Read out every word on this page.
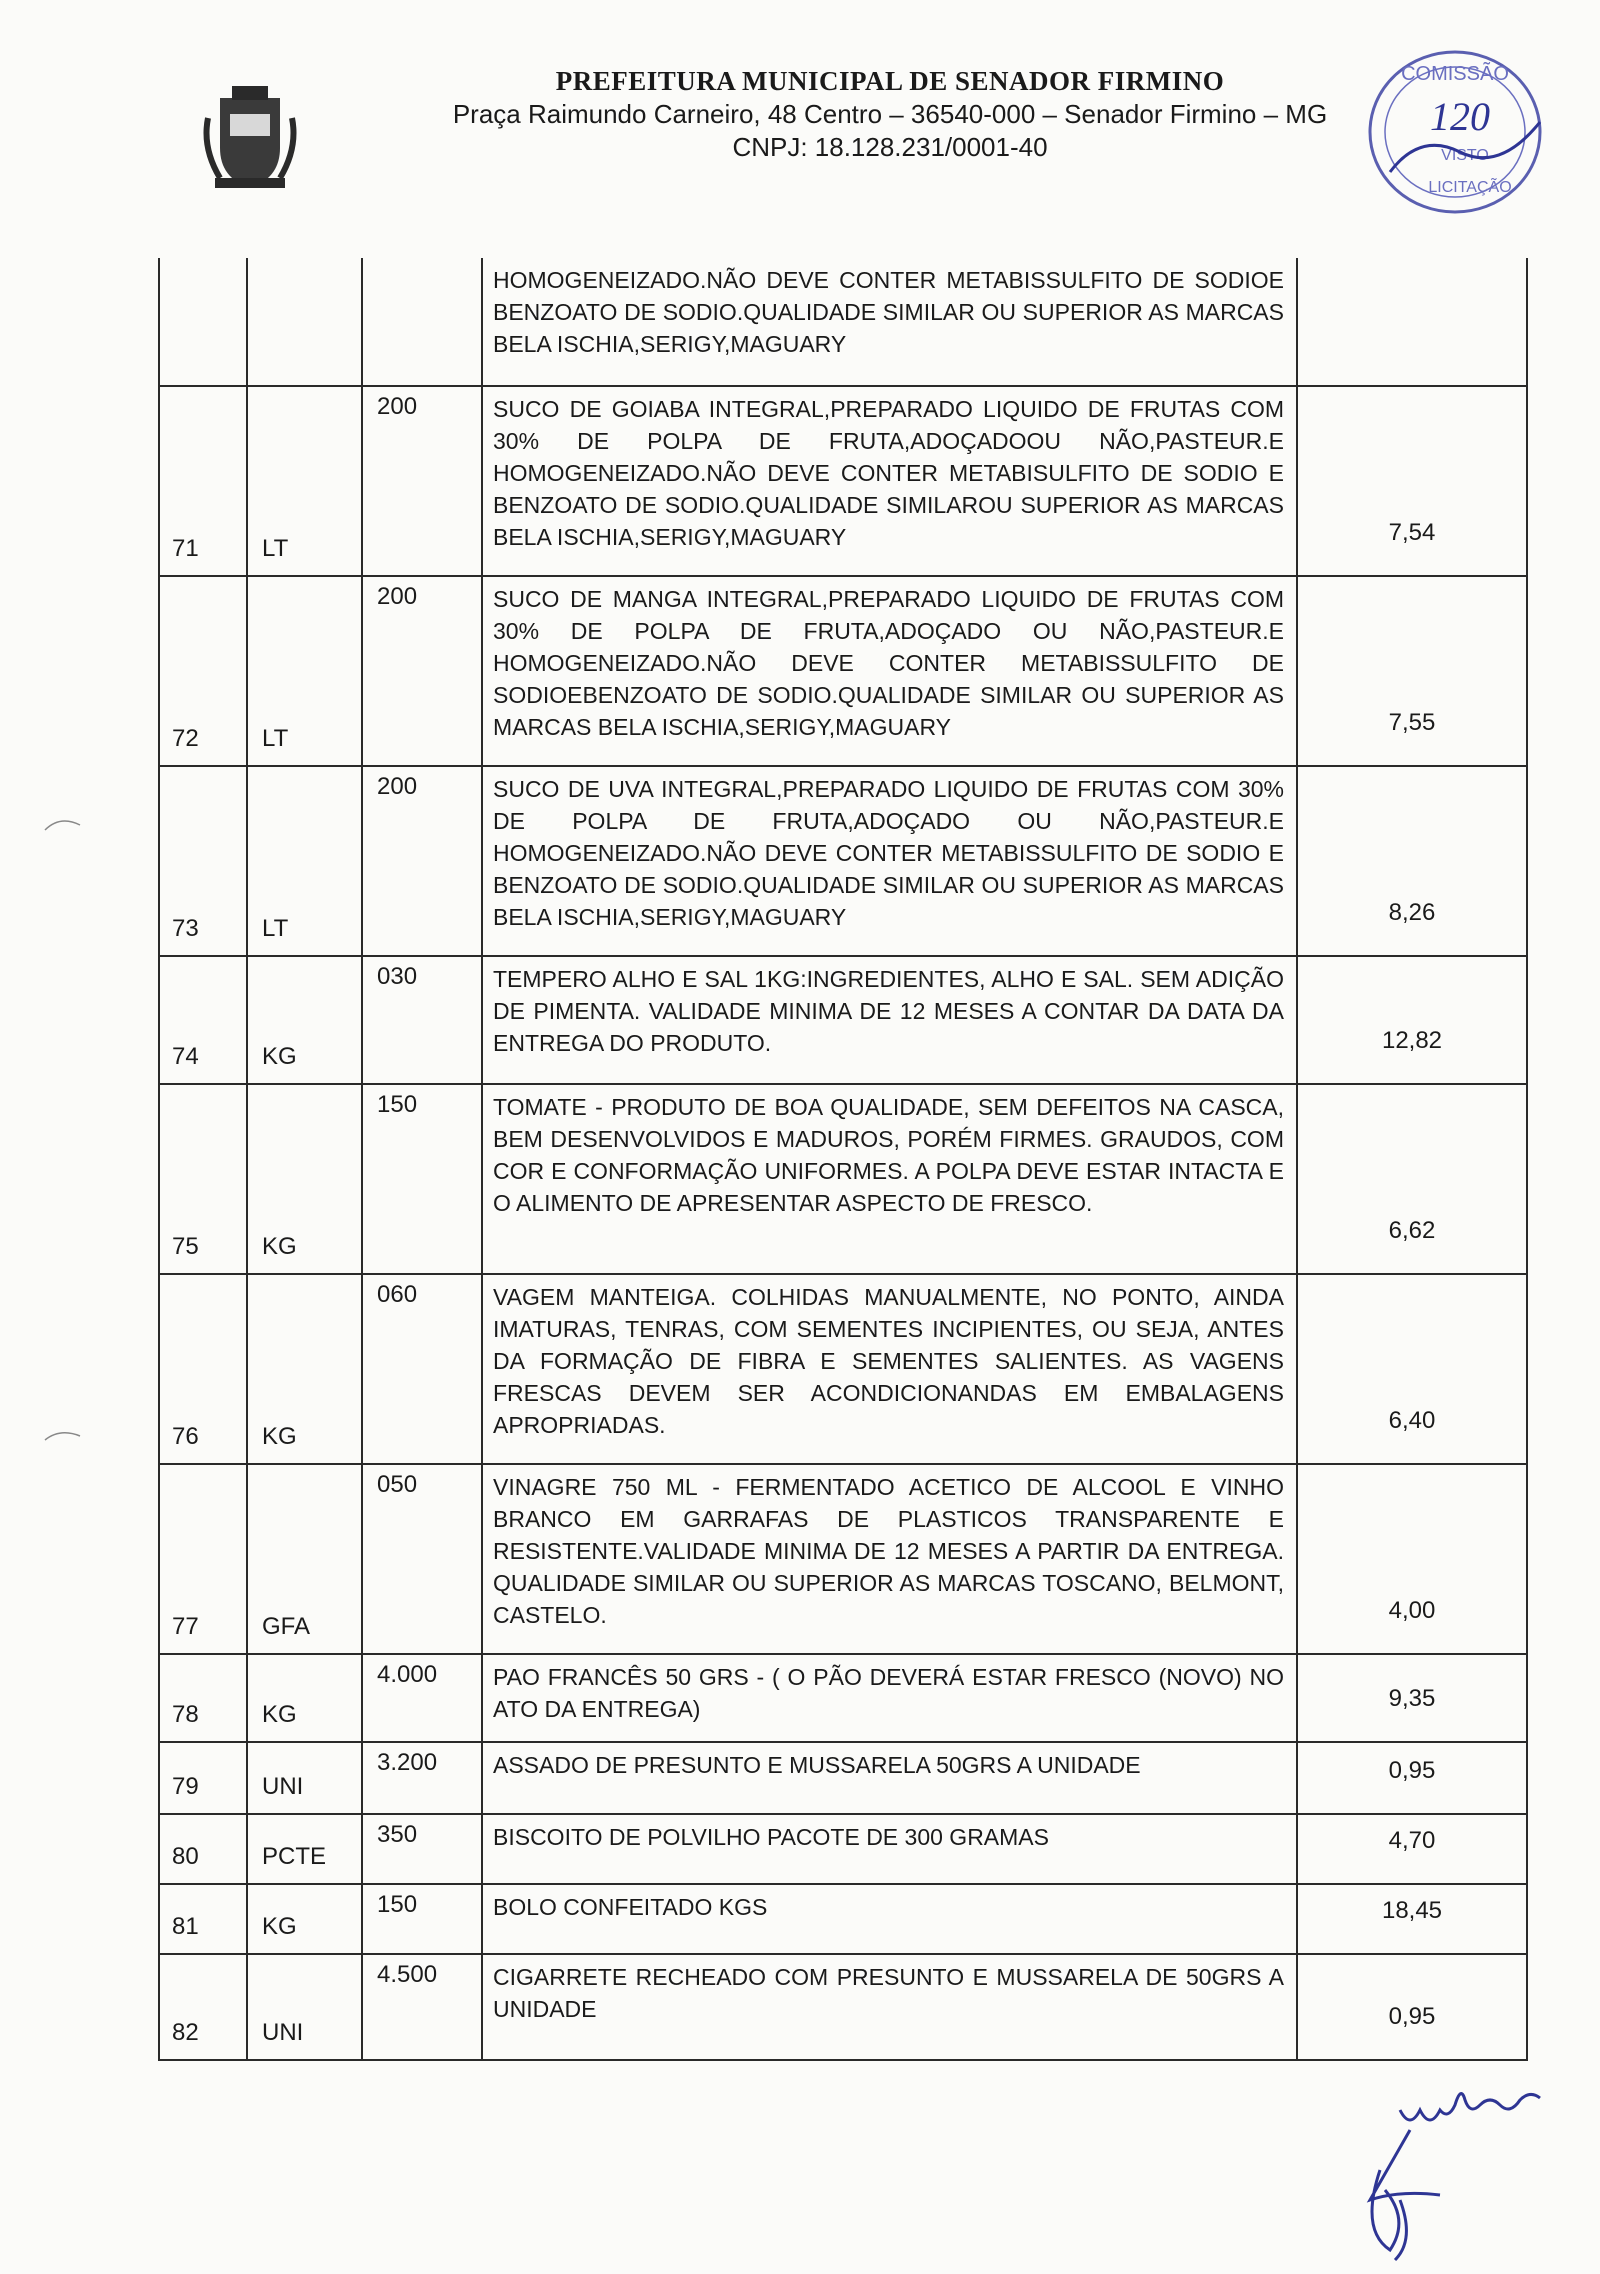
PREFEITURA MUNICIPAL DE SENADOR FIRMINO
Praça Raimundo Carneiro, 48 Centro – 36540-000 – Senador Firmino – MG
CNPJ: 18.128.231/0001-40
COMISSÃO
120
VISTO
LICITAÇÃO
			HOMOGENEIZADO.NÃO DEVE CONTER METABISSULFITO DE SODIOE BENZOATO DE SODIO.QUALIDADE SIMILAR OU SUPERIOR AS MARCAS BELA ISCHIA,SERIGY,MAGUARY	
71	LT	200	SUCO DE GOIABA INTEGRAL,PREPARADO LIQUIDO DE FRUTAS COM 30% DE POLPA DE FRUTA,ADOÇADOOU NÃO,PASTEUR.E HOMOGENEIZADO.NÃO DEVE CONTER METABISULFITO DE SODIO E BENZOATO DE SODIO.QUALIDADE SIMILAROU SUPERIOR AS MARCAS BELA ISCHIA,SERIGY,MAGUARY	7,54
72	LT	200	SUCO DE MANGA INTEGRAL,PREPARADO LIQUIDO DE FRUTAS COM 30% DE POLPA DE FRUTA,ADOÇADO OU NÃO,PASTEUR.E HOMOGENEIZADO.NÃO DEVE CONTER METABISSULFITO DE SODIOEBENZOATO DE SODIO.QUALIDADE SIMILAR OU SUPERIOR AS MARCAS BELA ISCHIA,SERIGY,MAGUARY	7,55
73	LT	200	SUCO DE UVA INTEGRAL,PREPARADO LIQUIDO DE FRUTAS COM 30% DE POLPA DE FRUTA,ADOÇADO OU NÃO,PASTEUR.E HOMOGENEIZADO.NÃO DEVE CONTER METABISSULFITO DE SODIO E BENZOATO DE SODIO.QUALIDADE SIMILAR OU SUPERIOR AS MARCAS BELA ISCHIA,SERIGY,MAGUARY	8,26
74	KG	030	TEMPERO ALHO E SAL 1KG:INGREDIENTES, ALHO E SAL. SEM ADIÇÃO DE PIMENTA. VALIDADE MINIMA DE 12 MESES A CONTAR DA DATA DA ENTREGA DO PRODUTO.	12,82
75	KG	150	TOMATE - PRODUTO DE BOA QUALIDADE, SEM DEFEITOS NA CASCA, BEM DESENVOLVIDOS E MADUROS, PORÉM FIRMES. GRAUDOS, COM COR E CONFORMAÇÃO UNIFORMES. A POLPA DEVE ESTAR INTACTA E O ALIMENTO DE APRESENTAR ASPECTO DE FRESCO.	6,62
76	KG	060	VAGEM MANTEIGA. COLHIDAS MANUALMENTE, NO PONTO, AINDA IMATURAS, TENRAS, COM SEMENTES INCIPIENTES, OU SEJA, ANTES DA FORMAÇÃO DE FIBRA E SEMENTES SALIENTES. AS VAGENS FRESCAS DEVEM SER ACONDICIONANDAS EM EMBALAGENS APROPRIADAS.	6,40
77	GFA	050	VINAGRE 750 ML - FERMENTADO ACETICO DE ALCOOL E VINHO BRANCO EM GARRAFAS DE PLASTICOS TRANSPARENTE E RESISTENTE.VALIDADE MINIMA DE 12 MESES A PARTIR DA ENTREGA. QUALIDADE SIMILAR OU SUPERIOR AS MARCAS TOSCANO, BELMONT, CASTELO.	4,00
78	KG	4.000	PAO FRANCÊS 50 GRS - ( O PÃO DEVERÁ ESTAR FRESCO (NOVO) NO ATO DA ENTREGA)	9,35
79	UNI	3.200	ASSADO DE PRESUNTO E MUSSARELA 50GRS A UNIDADE	0,95
80	PCTE	350	BISCOITO DE POLVILHO PACOTE DE 300 GRAMAS	4,70
81	KG	150	BOLO CONFEITADO KGS	18,45
82	UNI	4.500	CIGARRETE RECHEADO COM PRESUNTO E MUSSARELA DE 50GRS A UNIDADE	0,95
